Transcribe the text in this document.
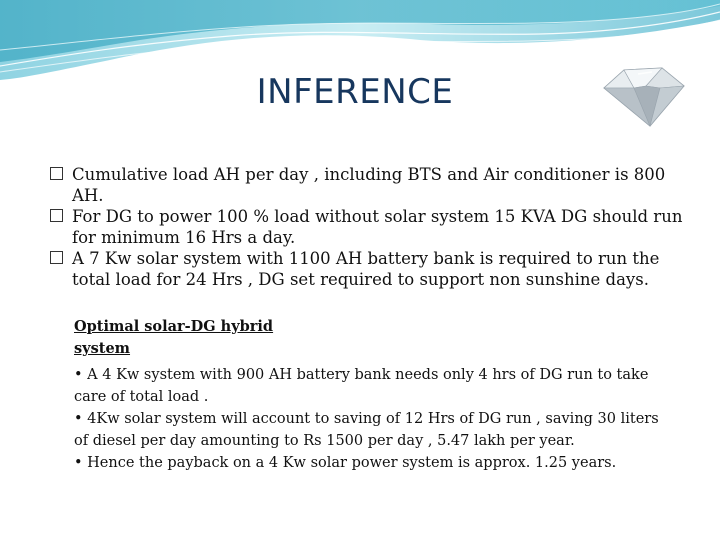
INFERENCE
Cumulative load AH per day , including BTS and Air conditioner is 800 AH.
For DG to power 100 % load without solar system 15 KVA DG should run for minimum 16 Hrs a day.
A 7 Kw solar system with 1100 AH battery bank is required to run the total load for 24 Hrs , DG set required to support non sunshine days.
Optimal solar-DG hybrid system

• A 4 Kw system with 900 AH battery bank needs only 4 hrs of DG run to take care of total load .

• 4Kw solar system will account to saving of 12 Hrs of DG run , saving 30 liters of diesel per day amounting to Rs 1500 per day , 5.47 lakh per year.

• Hence the payback on a 4 Kw solar power system is approx. 1.25 years.
